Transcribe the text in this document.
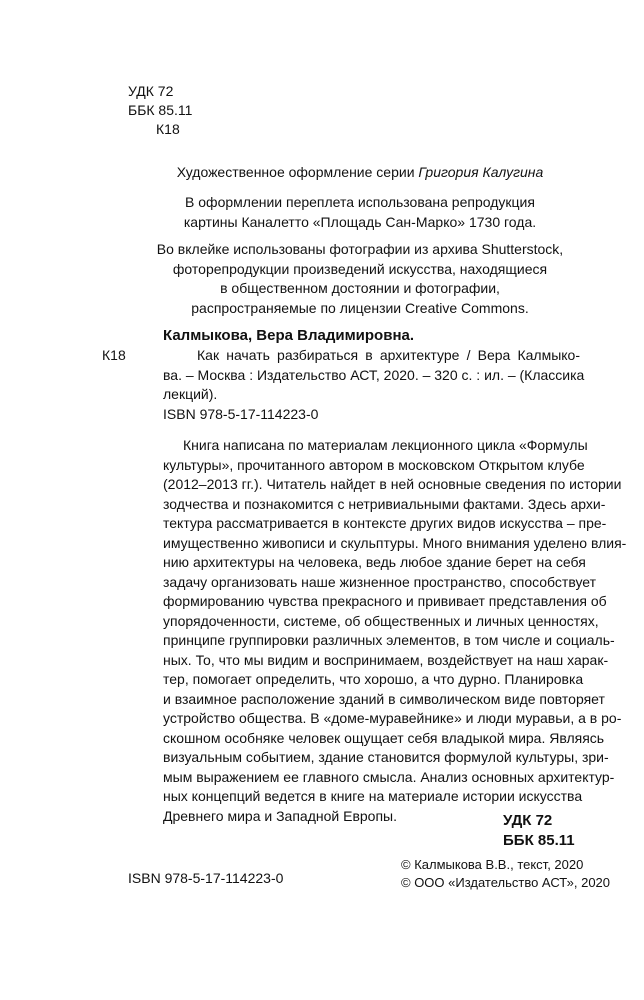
УДК 72
ББК 85.11
К18
Художественное оформление серии Григория Калугина
В оформлении переплета использована репродукция
картины Каналетто «Площадь Сан-Марко» 1730 года.
Во вклейке использованы фотографии из архива Shutterstock,
фоторепродукции произведений искусства, находящиеся
в общественном достоянии и фотографии,
распространяемые по лицензии Creative Commons.
Калмыкова, Вера Владимировна.
К18	Как начать разбираться в архитектуре / Вера Калмыко-
ва. – Москва : Издательство АСТ, 2020. – 320 с. : ил. – (Классика
лекций).
ISBN 978-5-17-114223-0
Книга написана по материалам лекционного цикла «Формулы
культуры», прочитанного автором в московском Открытом клубе
(2012–2013 гг.). Читатель найдет в ней основные сведения по истории
зодчества и познакомится с нетривиальными фактами. Здесь архи-
тектура рассматривается в контексте других видов искусства – пре-
имущественно живописи и скульптуры. Много внимания уделено влия-
нию архитектуры на человека, ведь любое здание берет на себя
задачу организовать наше жизненное пространство, способствует
формированию чувства прекрасного и прививает представления об
упорядоченности, системе, об общественных и личных ценностях,
принципе группировки различных элементов, в том числе и социаль-
ных. То, что мы видим и воспринимаем, воздействует на наш харак-
тер, помогает определить, что хорошо, а что дурно. Планировка
и взаимное расположение зданий в символическом виде повторяет
устройство общества. В «доме-муравейнике» и люди муравьи, а в ро-
скошном особняке человек ощущает себя владыкой мира. Являясь
визуальным событием, здание становится формулой культуры, зри-
мым выражением ее главного смысла. Анализ основных архитектур-
ных концепций ведется в книге на материале истории искусства
Древнего мира и Западной Европы.	УДК 72
ББК 85.11
ISBN 978-5-17-114223-0
© Калмыкова В.В., текст, 2020
© ООО «Издательство АСТ», 2020
